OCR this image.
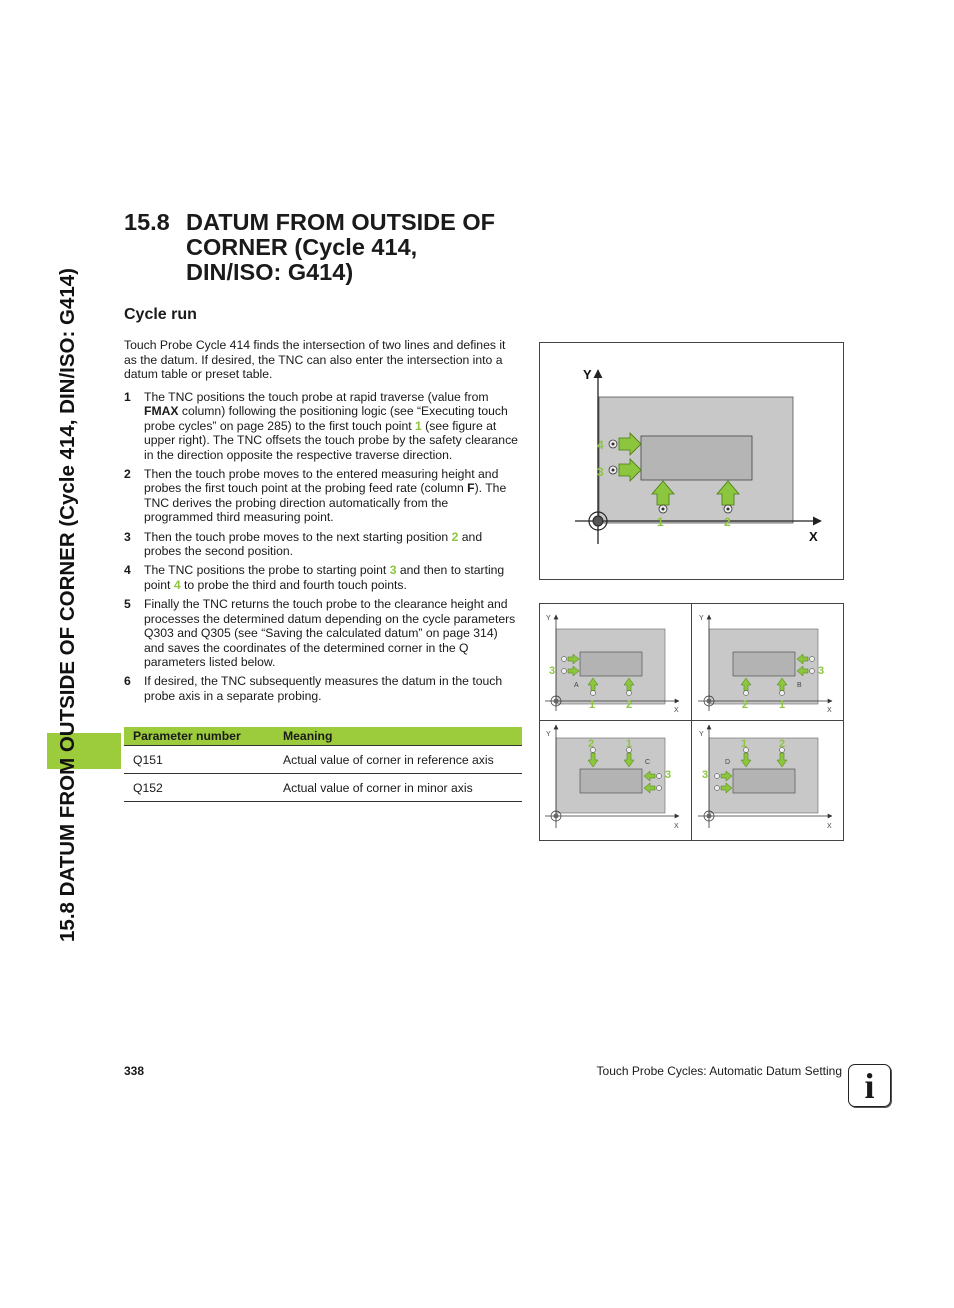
15.8 DATUM FROM OUTSIDE OF CORNER (Cycle 414, DIN/ISO: G414)
15.8 DATUM FROM OUTSIDE OF
CORNER (Cycle 414,
DIN/ISO: G414)
Cycle run

Touch Probe Cycle 414 finds the intersection of two lines and defines it as the datum. If desired, the TNC can also enter the intersection into a datum table or preset table.

1 The TNC positions the touch probe at rapid traverse (value from FMAX column) following the positioning logic (see “Executing touch probe cycles” on page 285) to the first touch point 1 (see figure at upper right). The TNC offsets the touch probe by the safety clearance in the direction opposite the respective traverse direction.
2 Then the touch probe moves to the entered measuring height and probes the first touch point at the probing feed rate (column F). The TNC derives the probing direction automatically from the programmed third measuring point.
3 Then the touch probe moves to the next starting position 2 and probes the second position.
4 The TNC positions the probe to starting point 3 and then to starting point 4 to probe the third and fourth touch points.
5 Finally the TNC returns the touch probe to the clearance height and processes the determined datum depending on the cycle parameters Q303 and Q305 (see “Saving the calculated datum” on page 314) and saves the coordinates of the determined corner in the Q parameters listed below.
6 If desired, the TNC subsequently measures the datum in the touch probe axis in a separate probing.
Parameter number	Meaning
Q151	Actual value of corner in reference axis
Q152	Actual value of corner in minor axis
Y
X
1	2
3
4
Y
X
A
3
1	2
Y
X
B
3
2	1
Y
X
C
3
2	1
Y
X
D
3
1	2
338	Touch Probe Cycles: Automatic Datum Setting i
